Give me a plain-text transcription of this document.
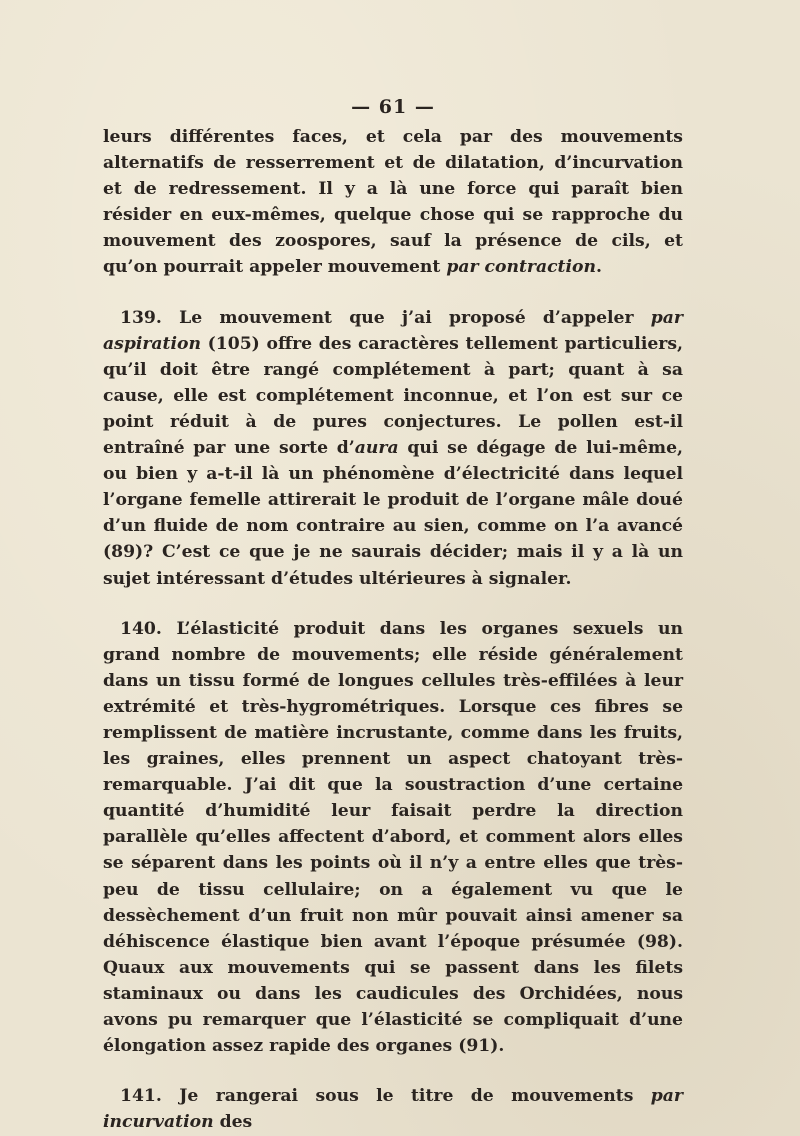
— 61 —

leurs différentes faces, et cela par des mouvements alternatifs de resserrement et de dilatation, d’incurvation et de redressement. Il y a là une force qui paraît bien résider en eux-mêmes, quelque chose qui se rapproche du mouvement des zoospores, sauf la présence de cils, et qu’on pourrait appeler mouvement par contraction.

139. Le mouvement que j’ai proposé d’appeler par aspiration (105) offre des caractères tellement particuliers, qu’il doit être rangé complétement à part; quant à sa cause, elle est complétement inconnue, et l’on est sur ce point réduit à de pures conjectures. Le pollen est-il entraîné par une sorte d’aura qui se dégage de lui-même, ou bien y a-t-il là un phénomène d’électricité dans lequel l’organe femelle attirerait le produit de l’organe mâle doué d’un fluide de nom contraire au sien, comme on l’a avancé (89)? C’est ce que je ne saurais décider; mais il y a là un sujet intéressant d’études ultérieures à signaler.

140. L’élasticité produit dans les organes sexuels un grand nombre de mouvements; elle réside généralement dans un tissu formé de longues cellules très-effilées à leur extrémité et très-hygrométriques. Lorsque ces fibres se remplissent de matière incrustante, comme dans les fruits, les graines, elles prennent un aspect chatoyant très-remarquable. J’ai dit que la soustraction d’une certaine quantité d’humidité leur faisait perdre la direction parallèle qu’elles affectent d’abord, et comment alors elles se séparent dans les points où il n’y a entre elles que très-peu de tissu cellulaire; on a également vu que le dessèchement d’un fruit non mûr pouvait ainsi amener sa déhiscence élastique bien avant l’époque présumée (98). Quaux aux mouvements qui se passent dans les filets staminaux ou dans les caudicules des Orchidées, nous avons pu remarquer que l’élasticité se compliquait d’une élongation assez rapide des organes (91).

141. Je rangerai sous le titre de mouvements par incurvation des
